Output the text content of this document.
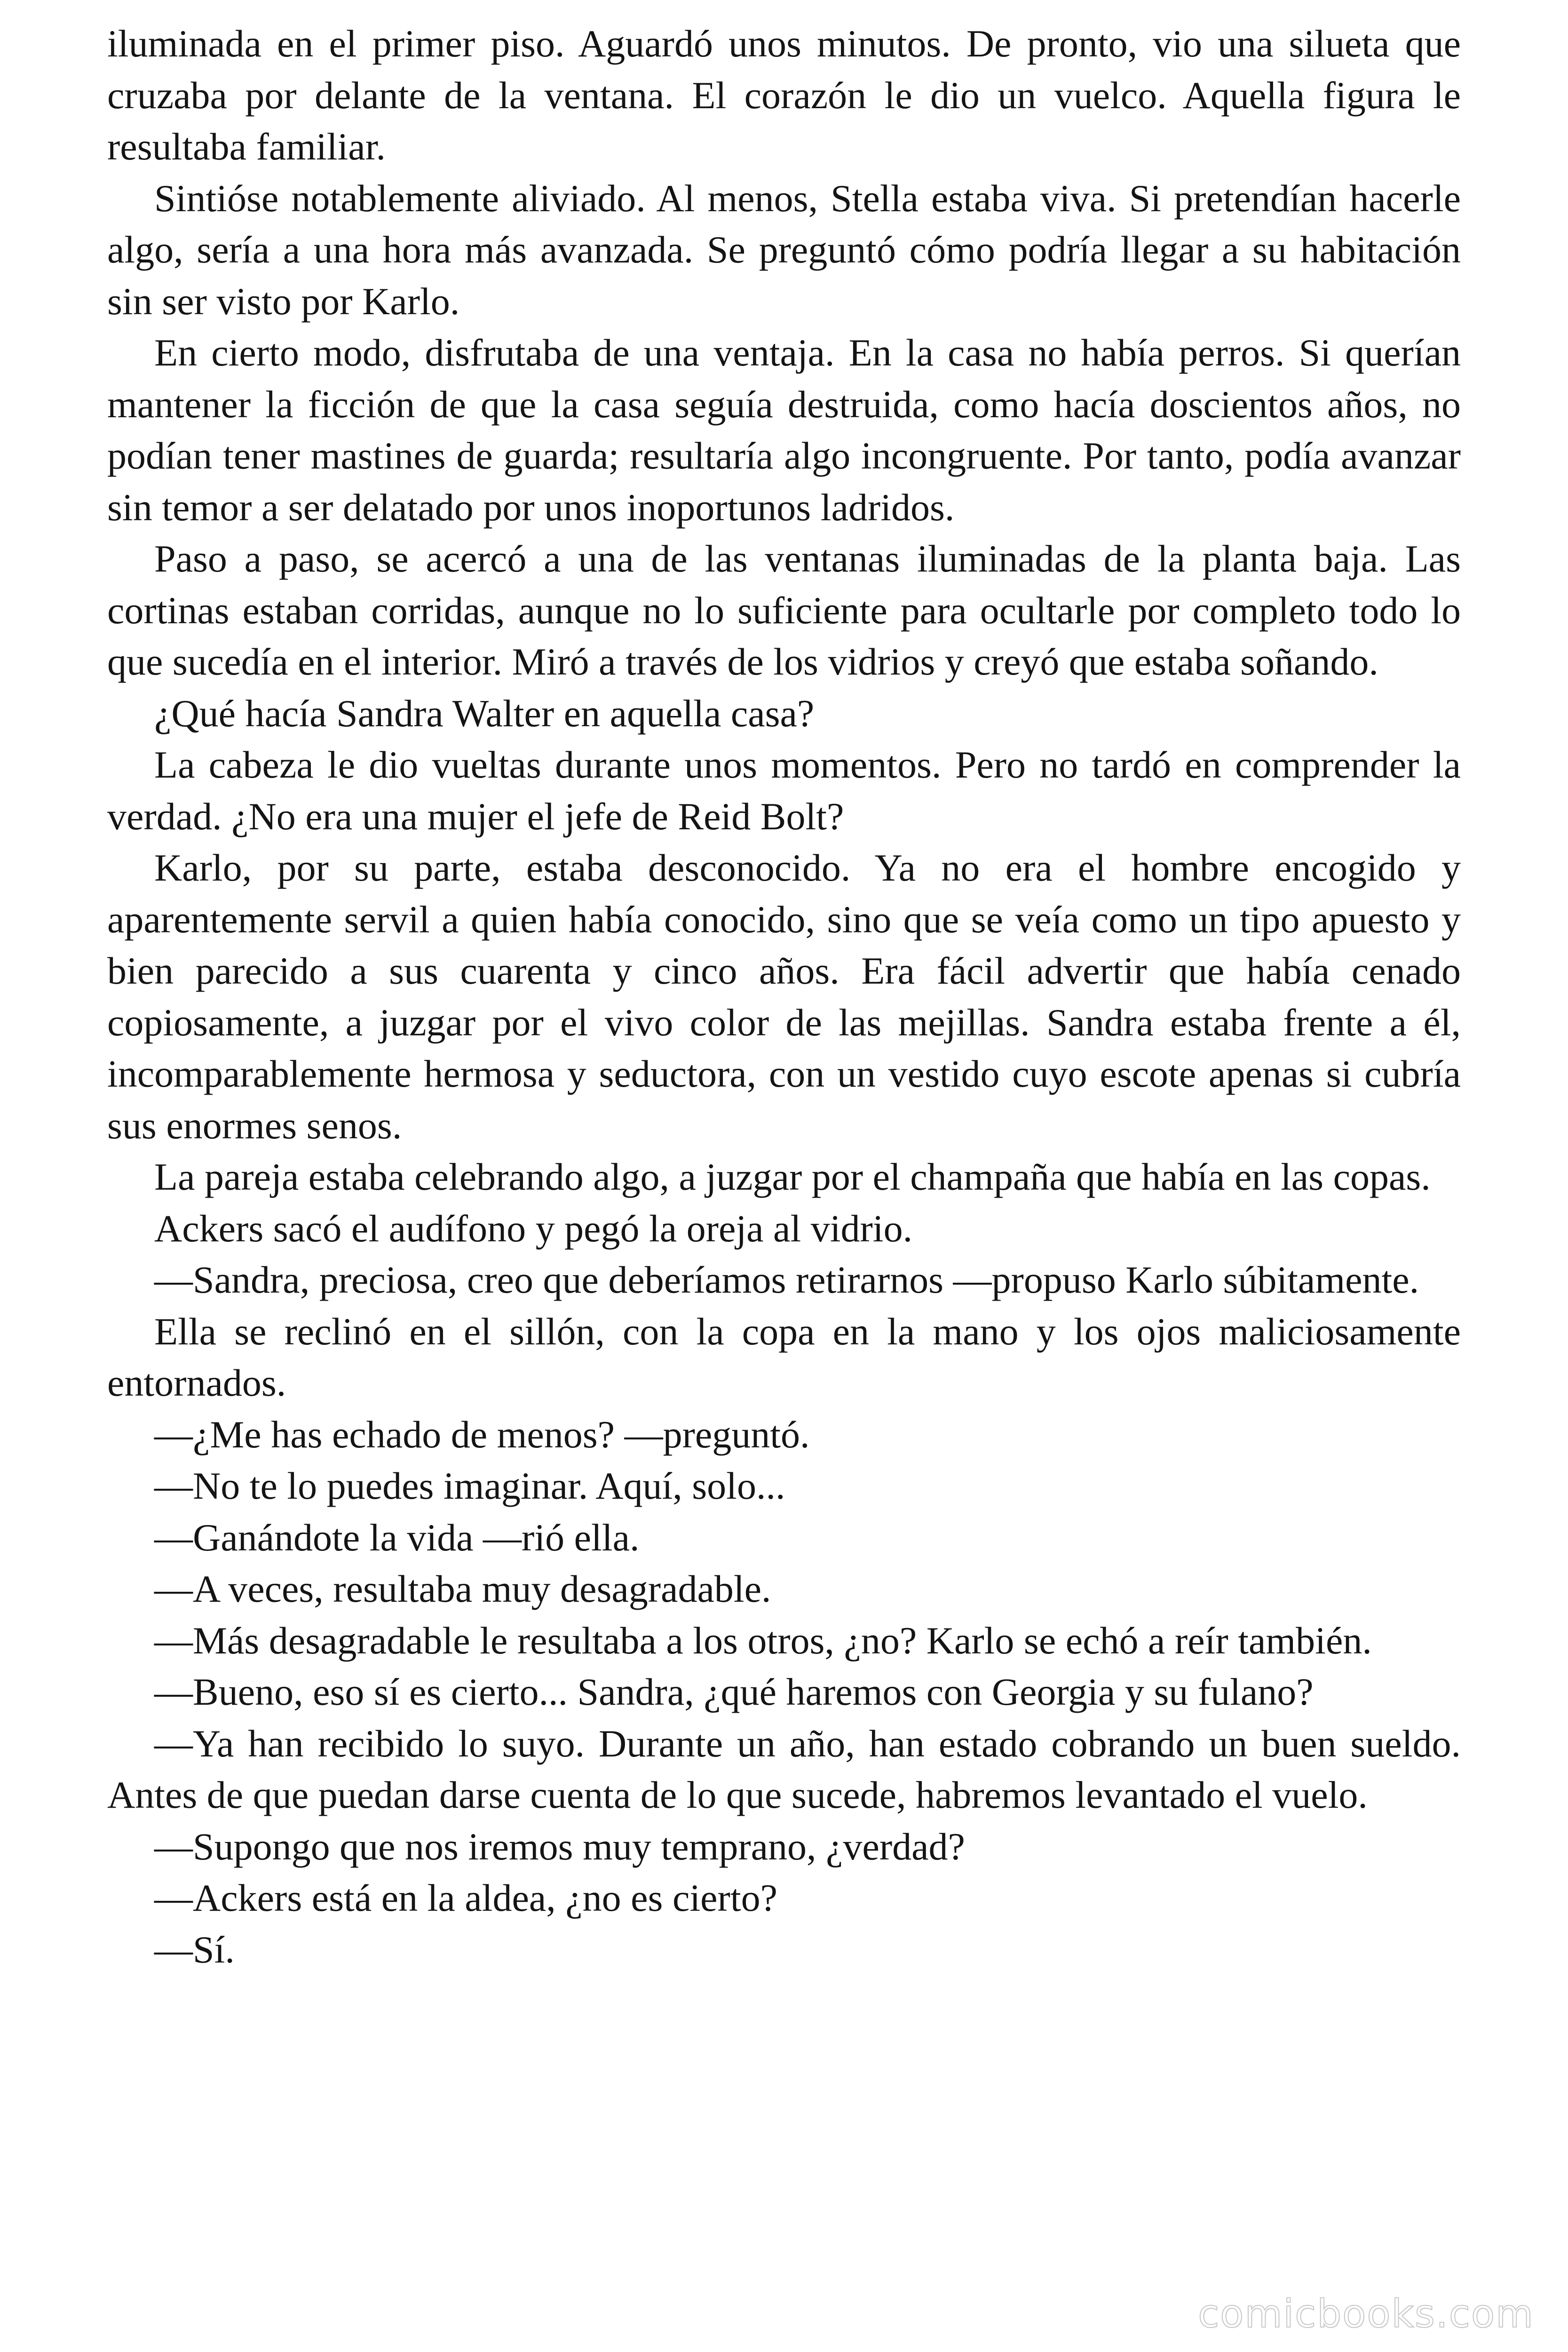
iluminada en el primer piso. Aguardó unos minutos. De pronto, vio una silueta que cruzaba por delante de la ventana. El corazón le dio un vuelco. Aquella figura le resultaba familiar.

Sintióse notablemente aliviado. Al menos, Stella estaba viva. Si pretendían hacerle algo, sería a una hora más avanzada. Se preguntó cómo podría llegar a su habitación sin ser visto por Karlo.

En cierto modo, disfrutaba de una ventaja. En la casa no había perros. Si querían mantener la ficción de que la casa seguía destruida, como hacía doscientos años, no podían tener mastines de guarda; resultaría algo incongruente. Por tanto, podía avanzar sin temor a ser delatado por unos inoportunos ladridos.

Paso a paso, se acercó a una de las ventanas iluminadas de la planta baja. Las cortinas estaban corridas, aunque no lo suficiente para ocultarle por completo todo lo que sucedía en el interior. Miró a través de los vidrios y creyó que estaba soñando.

¿Qué hacía Sandra Walter en aquella casa?

La cabeza le dio vueltas durante unos momentos. Pero no tardó en comprender la verdad. ¿No era una mujer el jefe de Reid Bolt?

Karlo, por su parte, estaba desconocido. Ya no era el hombre encogido y aparentemente servil a quien había conocido, sino que se veía como un tipo apuesto y bien parecido a sus cuarenta y cinco años. Era fácil advertir que había cenado copiosamente, a juzgar por el vivo color de las mejillas. Sandra estaba frente a él, incomparablemente hermosa y seductora, con un vestido cuyo escote apenas si cubría sus enormes senos.

La pareja estaba celebrando algo, a juzgar por el champaña que había en las copas.

Ackers sacó el audífono y pegó la oreja al vidrio.

—Sandra, preciosa, creo que deberíamos retirarnos —propuso Karlo súbitamente.

Ella se reclinó en el sillón, con la copa en la mano y los ojos maliciosamente entornados.

—¿Me has echado de menos? —preguntó.

—No te lo puedes imaginar. Aquí, solo...

—Ganándote la vida —rió ella.

—A veces, resultaba muy desagradable.

—Más desagradable le resultaba a los otros, ¿no? Karlo se echó a reír también.

—Bueno, eso sí es cierto... Sandra, ¿qué haremos con Georgia y su fulano?

—Ya han recibido lo suyo. Durante un año, han estado cobrando un buen sueldo. Antes de que puedan darse cuenta de lo que sucede, habremos levantado el vuelo.

—Supongo que nos iremos muy temprano, ¿verdad?

—Ackers está en la aldea, ¿no es cierto?

—Sí.

comicbooks.com
